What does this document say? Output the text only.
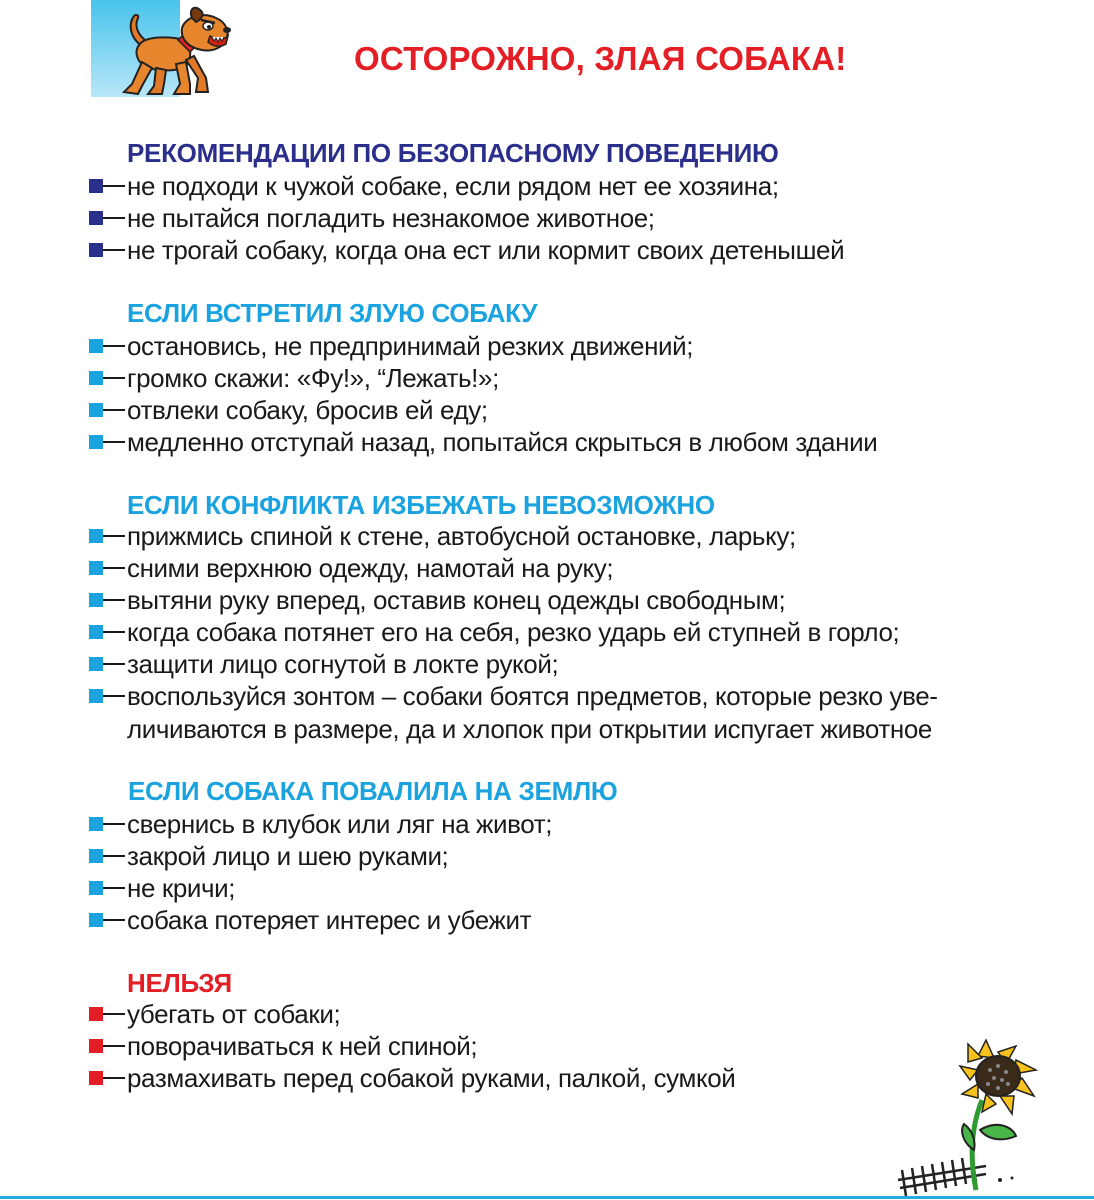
ОСТОРОЖНО, ЗЛАЯ СОБАКА!
РЕКОМЕНДАЦИИ ПО БЕЗОПАСНОМУ ПОВЕДЕНИЮ
не подходи к чужой собаке, если рядом нет ее хозяина;
не пытайся погладить незнакомое животное;
не трогай собаку, когда она ест или кормит своих детенышей
ЕСЛИ ВСТРЕТИЛ ЗЛУЮ СОБАКУ
остановись, не предпринимай резких движений;
громко скажи: «Фу!», “Лежать!»;
отвлеки собаку, бросив ей еду;
медленно отступай назад, попытайся скрыться в любом здании
ЕСЛИ КОНФЛИКТА ИЗБЕЖАТЬ НЕВОЗМОЖНО
прижмись спиной к стене, автобусной остановке, ларьку;
сними верхнюю одежду, намотай на руку;
вытяни руку вперед, оставив конец одежды свободным;
когда собака потянет его на себя, резко ударь ей ступней в горло;
защити лицо согнутой в локте рукой;
воспользуйся зонтом – собаки боятся предметов, которые резко уве- личиваются в размере, да и хлопок при открытии испугает животное
ЕСЛИ СОБАКА ПОВАЛИЛА НА ЗЕМЛЮ
свернись в клубок или ляг на живот;
закрой лицо и шею руками;
не кричи;
собака потеряет интерес и убежит
НЕЛЬЗЯ
убегать от собаки;
поворачиваться к ней спиной;
размахивать перед собакой руками, палкой, сумкой
